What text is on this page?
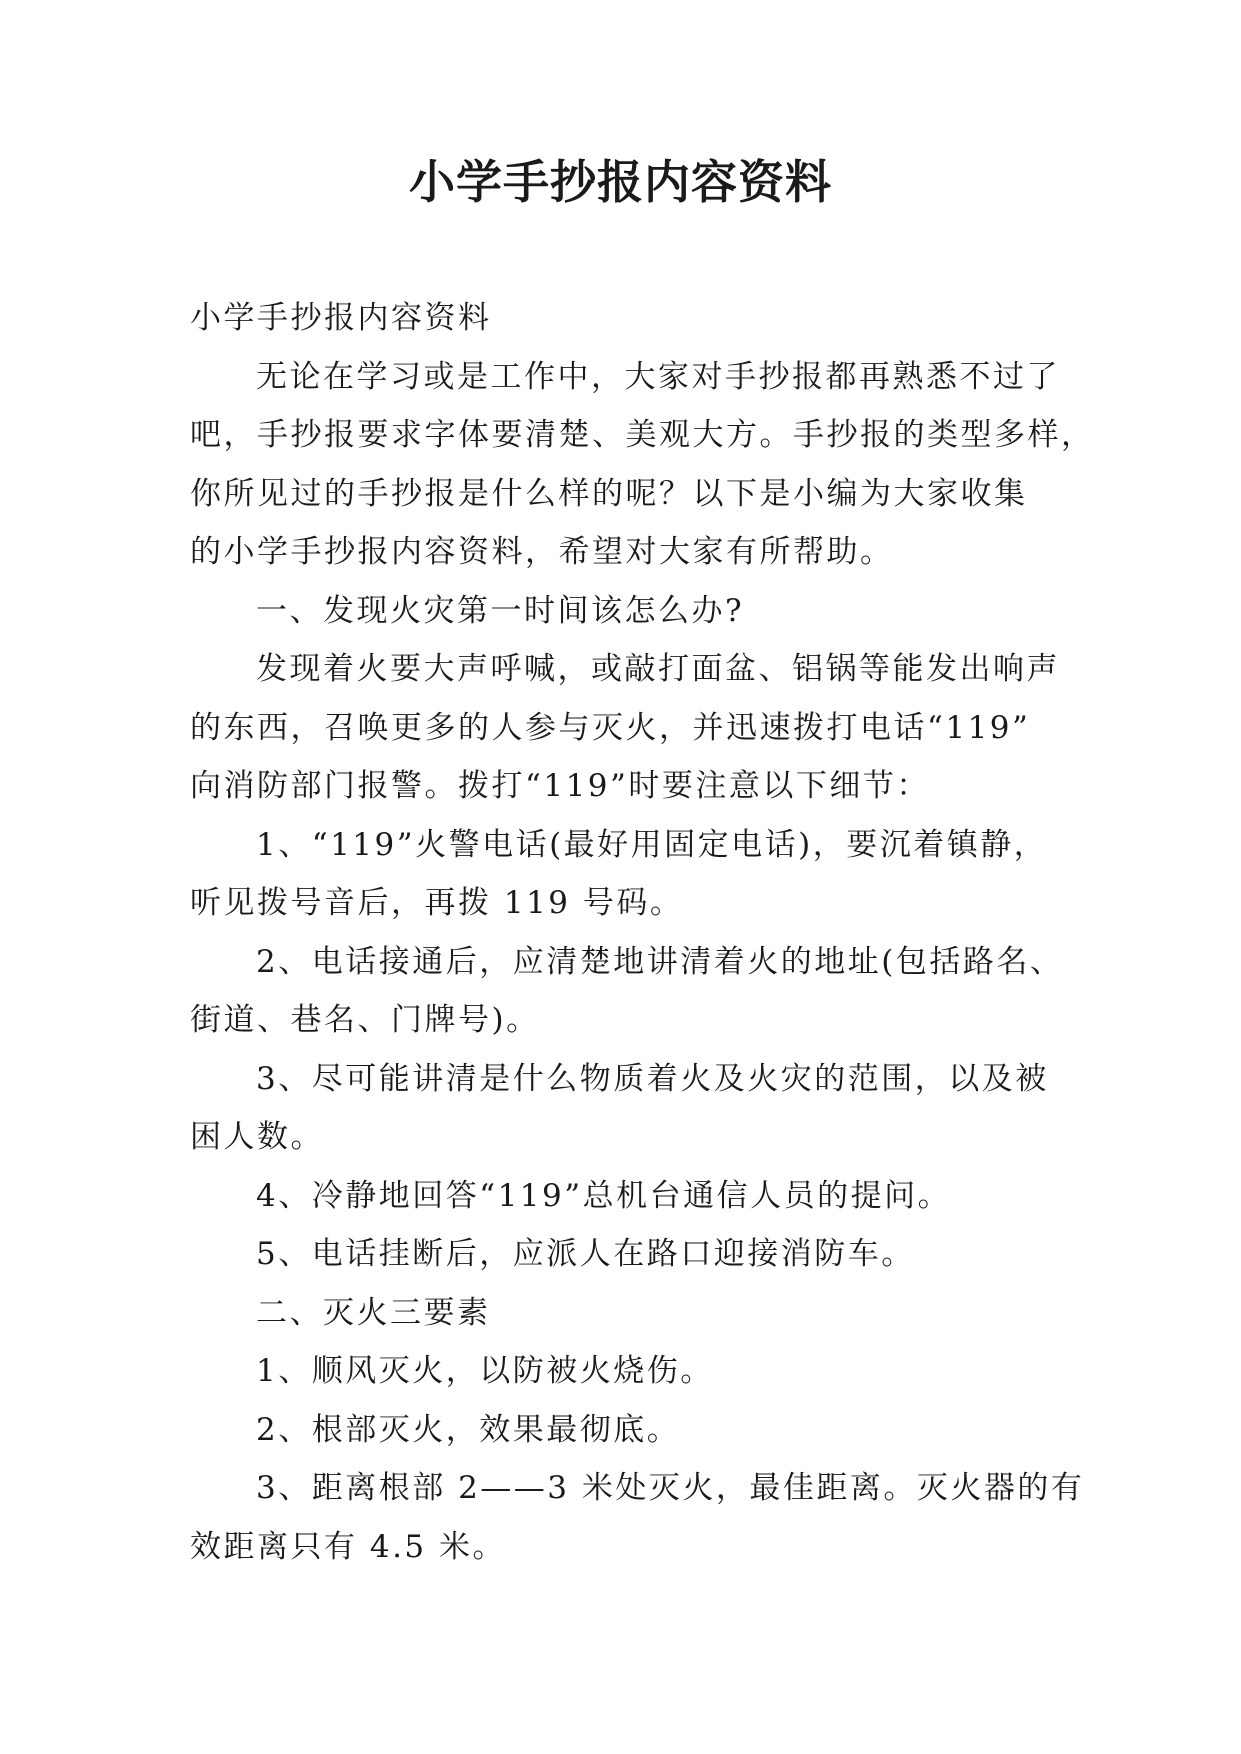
小学手抄报内容资料
小学手抄报内容资料
无论在学习或是工作中，大家对手抄报都再熟悉不过了
吧，手抄报要求字体要清楚、美观大方。手抄报的类型多样，
你所见过的手抄报是什么样的呢？以下是小编为大家收集
的小学手抄报内容资料，希望对大家有所帮助。
一、发现火灾第一时间该怎么办?
发现着火要大声呼喊，或敲打面盆、铝锅等能发出响声
的东西，召唤更多的人参与灭火，并迅速拨打电话“119”
向消防部门报警。拨打“119”时要注意以下细节：
1、“119”火警电话(最好用固定电话)，要沉着镇静，
听见拨号音后，再拨 119 号码。
2、电话接通后，应清楚地讲清着火的地址(包括路名、
街道、巷名、门牌号)。
3、尽可能讲清是什么物质着火及火灾的范围，以及被
困人数。
4、冷静地回答“119”总机台通信人员的提问。
5、电话挂断后，应派人在路口迎接消防车。
二、灭火三要素
1、顺风灭火，以防被火烧伤。
2、根部灭火，效果最彻底。
3、距离根部 2——3 米处灭火，最佳距离。灭火器的有
效距离只有 4.5 米。
